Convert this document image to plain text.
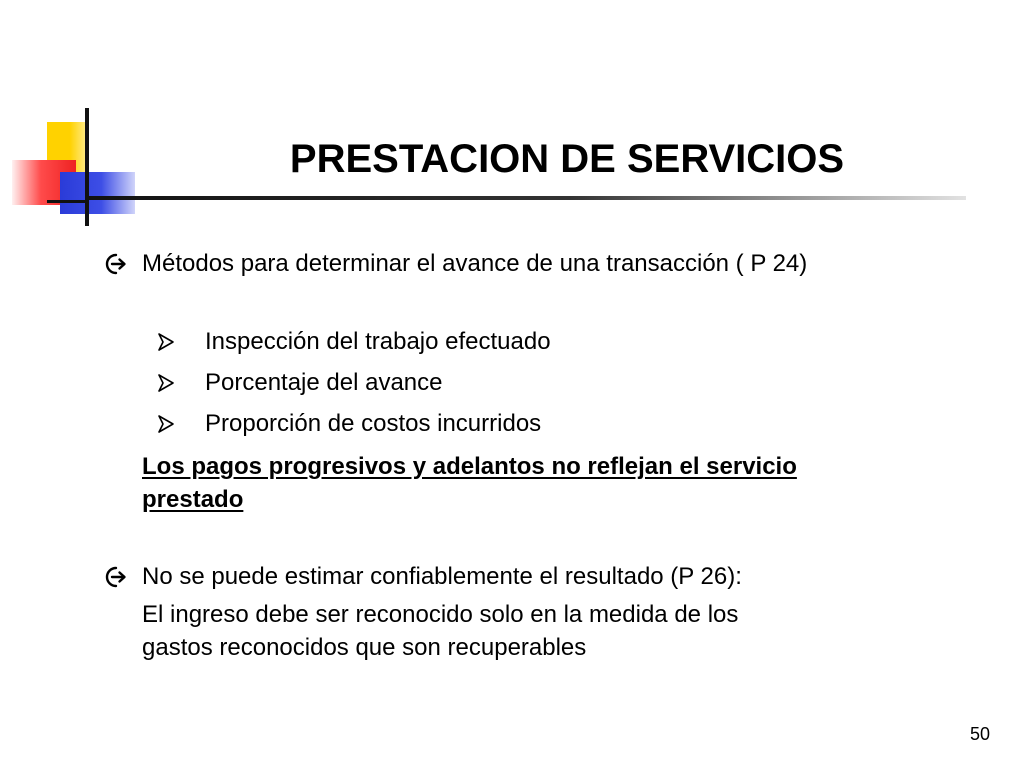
PRESTACION DE SERVICIOS
Métodos para determinar el avance de una transacción ( P 24)
Inspección del trabajo efectuado
Porcentaje del avance
Proporción de costos incurridos
Los pagos progresivos y adelantos no reflejan el servicio
prestado
No se puede estimar confiablemente el resultado (P 26):
El ingreso debe ser reconocido solo en la medida de los
gastos reconocidos que son recuperables
50
